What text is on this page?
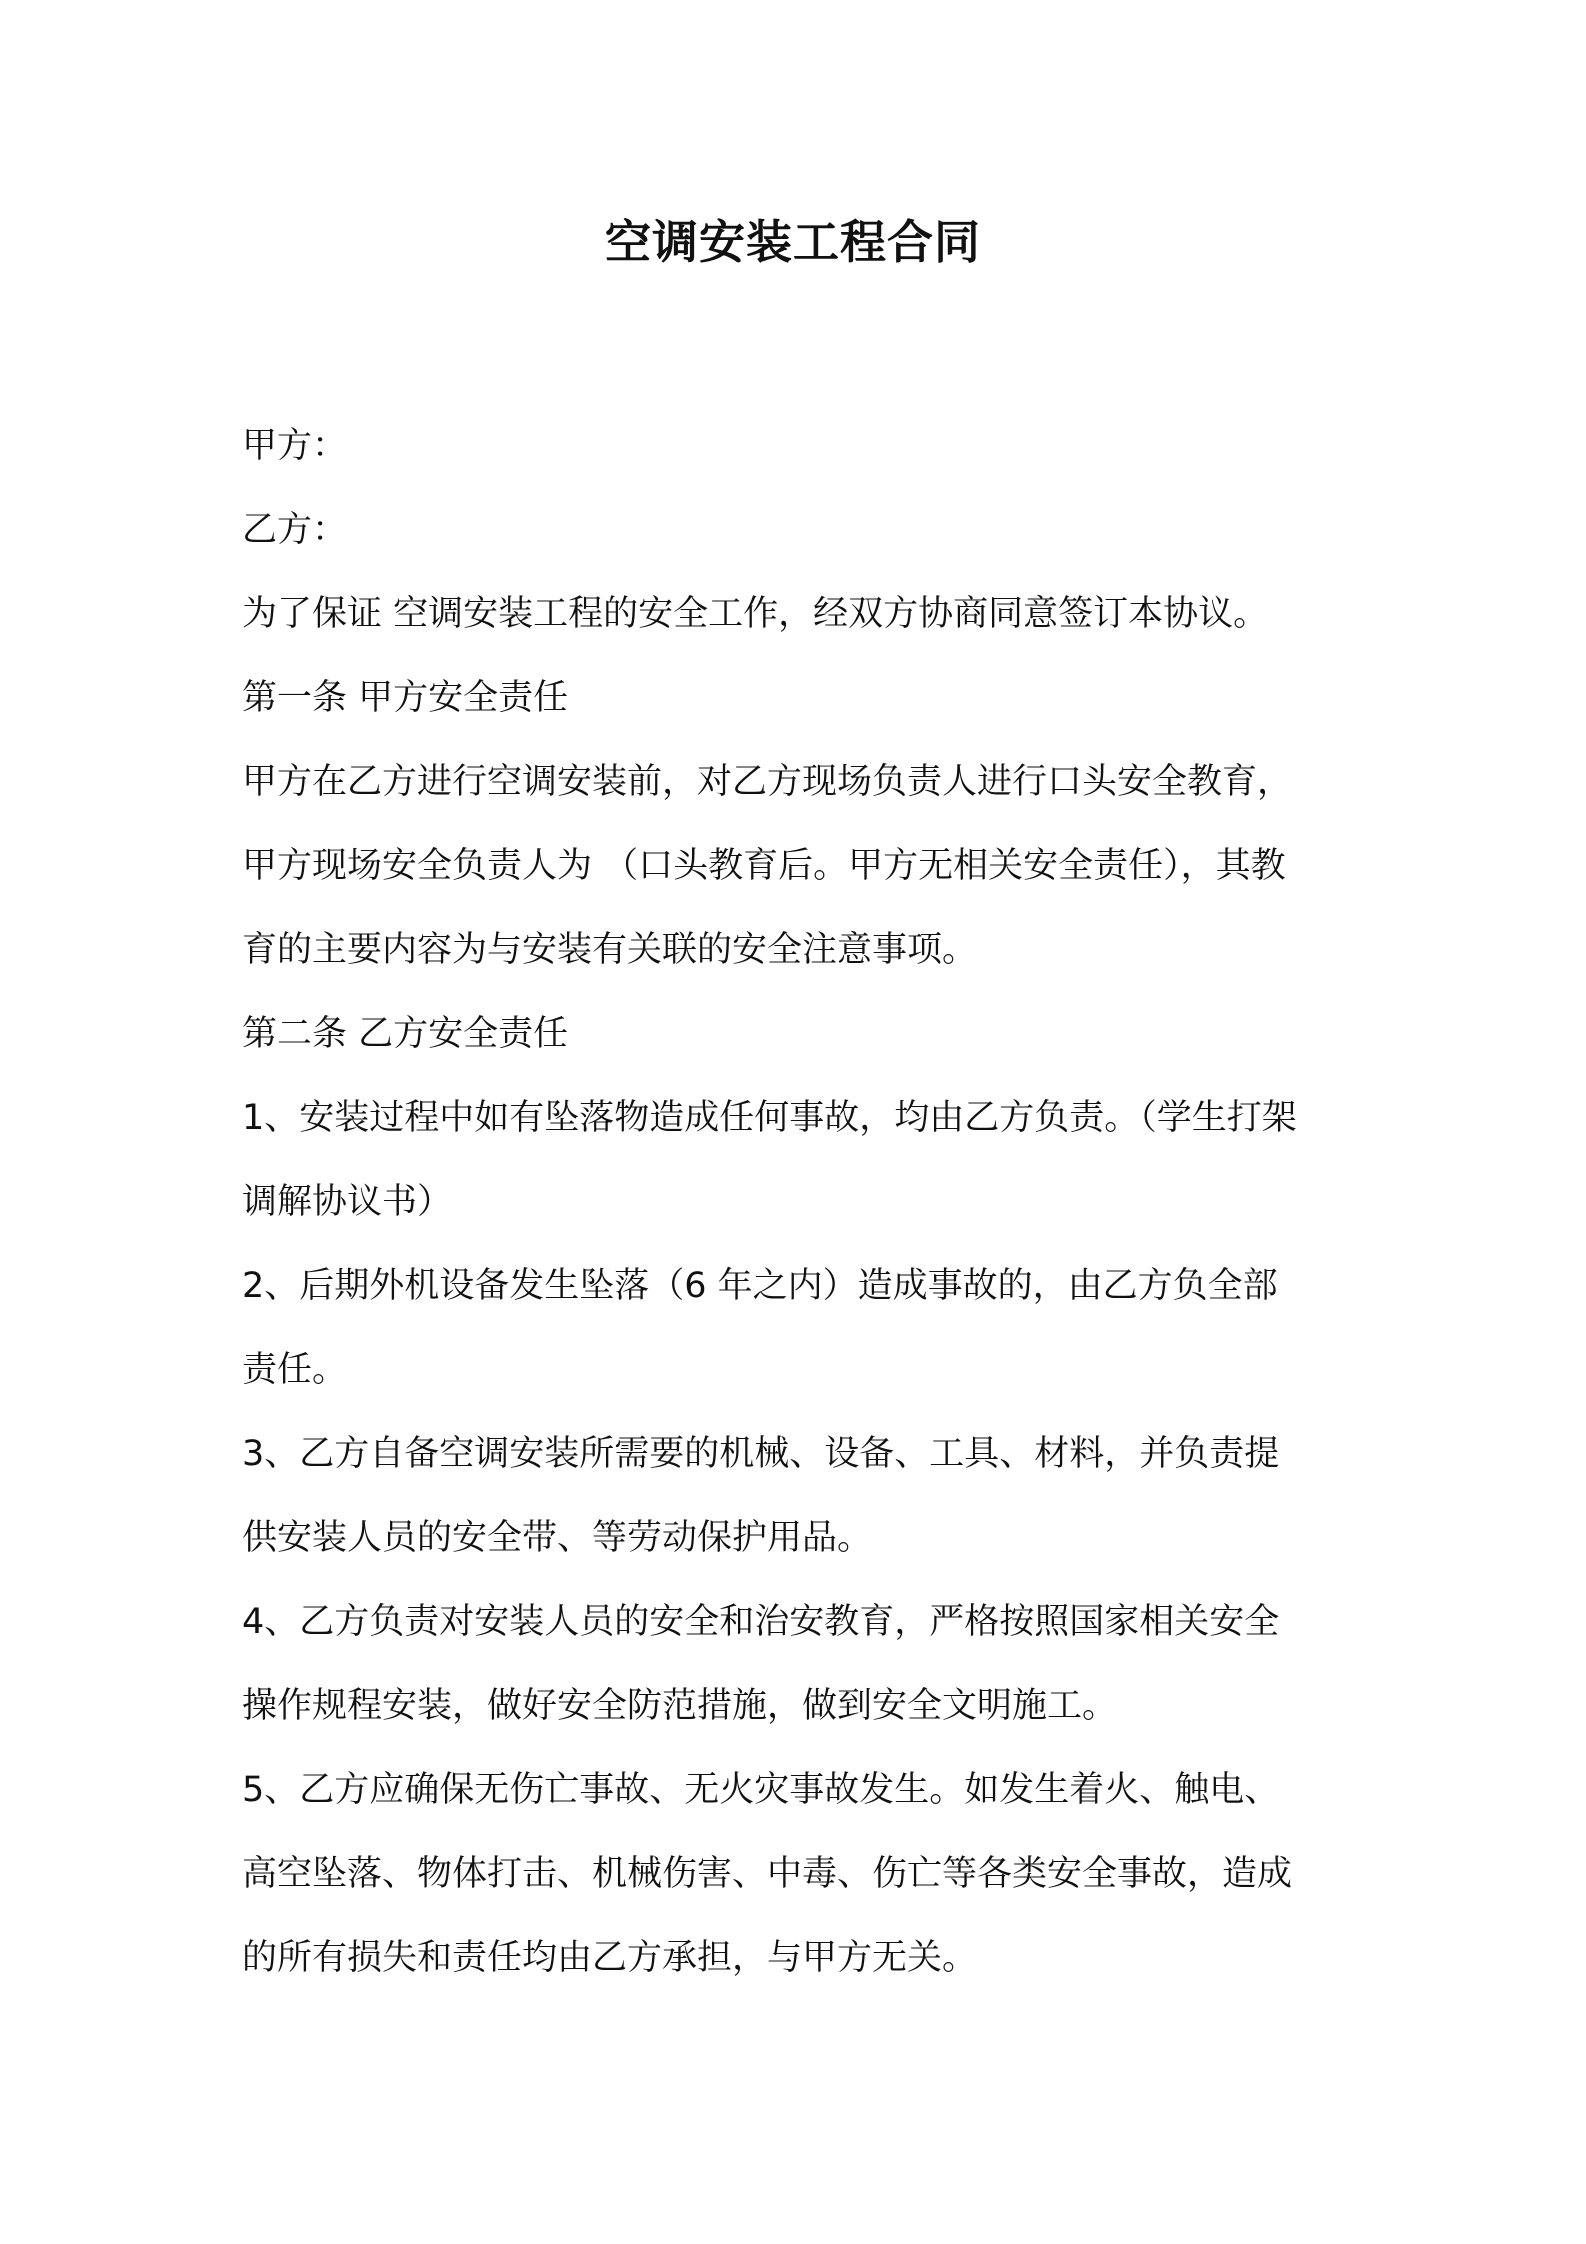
空调安装工程合同
甲方：
乙方：
为了保证 空调安装工程的安全工作，经双方协商同意签订本协议。
第一条 甲方安全责任
甲方在乙方进行空调安装前，对乙方现场负责人进行口头安全教育，
甲方现场安全负责人为 （口头教育后。甲方无相关安全责任），其教
育的主要内容为与安装有关联的安全注意事项。
第二条 乙方安全责任
1、安装过程中如有坠落物造成任何事故，均由乙方负责。（学生打架
调解协议书）
2、后期外机设备发生坠落（6 年之内）造成事故的，由乙方负全部
责任。
3、乙方自备空调安装所需要的机械、设备、工具、材料，并负责提
供安装人员的安全带、等劳动保护用品。
4、乙方负责对安装人员的安全和治安教育，严格按照国家相关安全
操作规程安装，做好安全防范措施，做到安全文明施工。
5、乙方应确保无伤亡事故、无火灾事故发生。如发生着火、触电、
高空坠落、物体打击、机械伤害、中毒、伤亡等各类安全事故，造成
的所有损失和责任均由乙方承担，与甲方无关。
